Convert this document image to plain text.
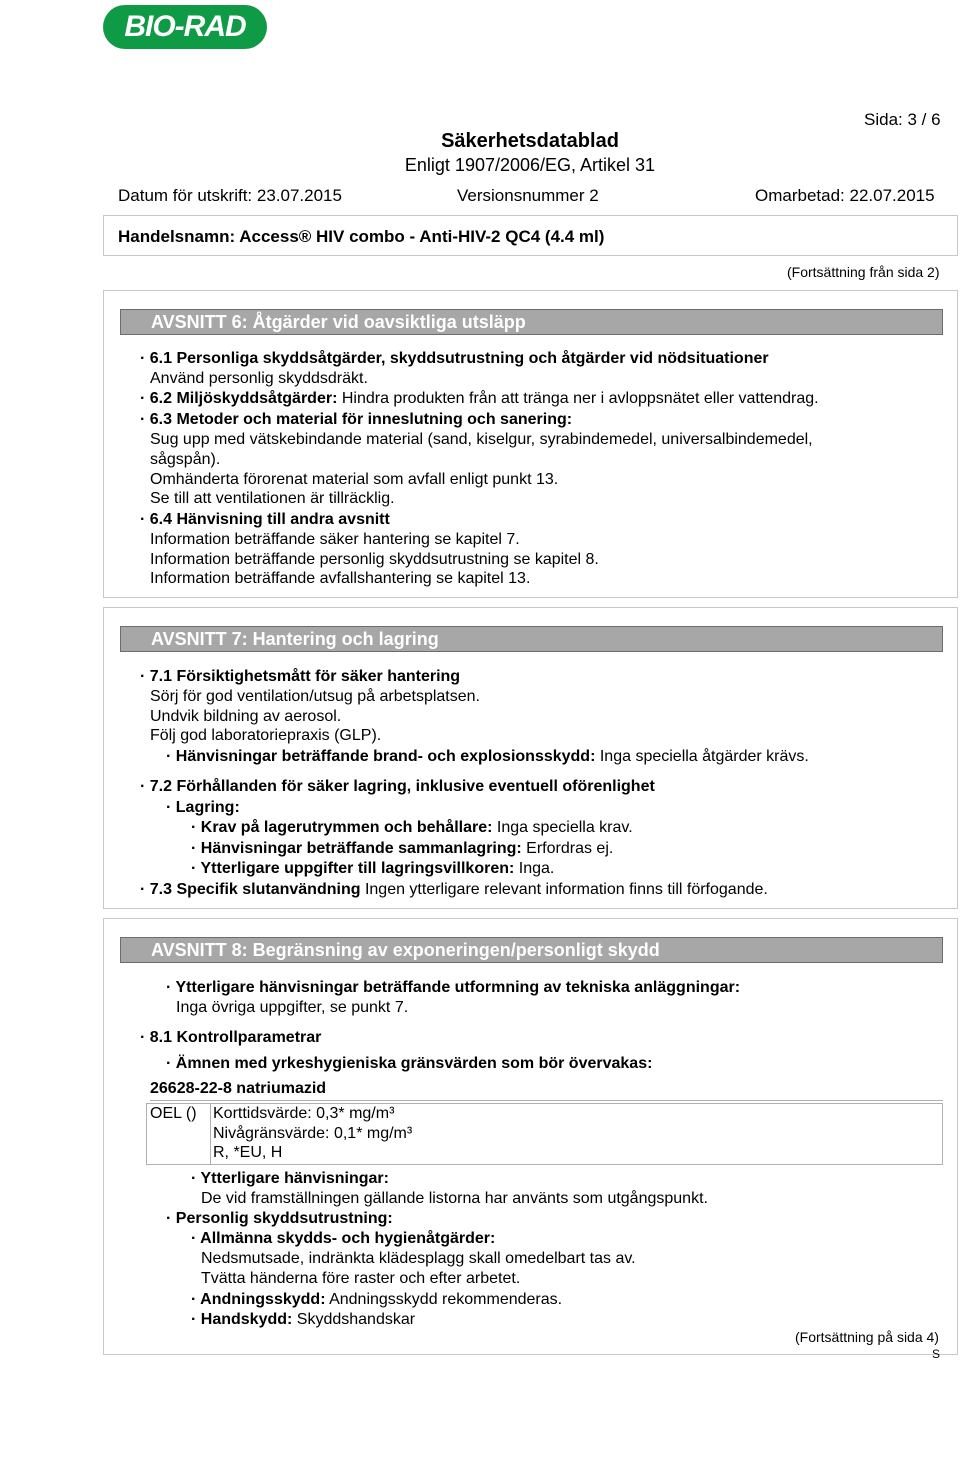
BIO-RAD
Sida: 3 / 6
Säkerhetsdatablad
Enligt 1907/2006/EG, Artikel 31
Datum för utskrift: 23.07.2015	Versionsnummer 2	Omarbetad: 22.07.2015
Handelsnamn: Access® HIV combo - Anti-HIV-2 QC4 (4.4 ml)
(Fortsättning från sida 2)
AVSNITT 6: Åtgärder vid oavsiktliga utsläpp
· 6.1 Personliga skyddsåtgärder, skyddsutrustning och åtgärder vid nödsituationer
Använd personlig skyddsdräkt.
· 6.2 Miljöskyddsåtgärder: Hindra produkten från att tränga ner i avloppsnätet eller vattendrag.
· 6.3 Metoder och material för inneslutning och sanering:
Sug upp med vätskebindande material (sand, kiselgur, syrabindemedel, universalbindemedel,
sågspån).
Omhänderta förorenat material som avfall enligt punkt 13.
Se till att ventilationen är tillräcklig.
· 6.4 Hänvisning till andra avsnitt
Information beträffande säker hantering se kapitel 7.
Information beträffande personlig skyddsutrustning se kapitel 8.
Information beträffande avfallshantering se kapitel 13.
AVSNITT 7: Hantering och lagring
· 7.1 Försiktighetsmått för säker hantering
Sörj för god ventilation/utsug på arbetsplatsen.
Undvik bildning av aerosol.
Följ god laboratoriepraxis (GLP).
· Hänvisningar beträffande brand- och explosionsskydd: Inga speciella åtgärder krävs.
· 7.2 Förhållanden för säker lagring, inklusive eventuell oförenlighet
· Lagring:
· Krav på lagerutrymmen och behållare: Inga speciella krav.
· Hänvisningar beträffande sammanlagring: Erfordras ej.
· Ytterligare uppgifter till lagringsvillkoren: Inga.
· 7.3 Specifik slutanvändning Ingen ytterligare relevant information finns till förfogande.
AVSNITT 8: Begränsning av exponeringen/personligt skydd
· Ytterligare hänvisningar beträffande utformning av tekniska anläggningar:
Inga övriga uppgifter, se punkt 7.
· 8.1 Kontrollparametrar
· Ämnen med yrkeshygieniska gränsvärden som bör övervakas:
26628-22-8 natriumazid
OEL () Korttidsvärde: 0,3* mg/m³
Nivågränsvärde: 0,1* mg/m³
R, *EU, H
· Ytterligare hänvisningar:
De vid framställningen gällande listorna har använts som utgångspunkt.
· Personlig skyddsutrustning:
· Allmänna skydds- och hygienåtgärder:
Nedsmutsade, indränkta klädesplagg skall omedelbart tas av.
Tvätta händerna före raster och efter arbetet.
· Andningsskydd: Andningsskydd rekommenderas.
· Handskydd: Skyddshandskar
(Fortsättning på sida 4)
S
